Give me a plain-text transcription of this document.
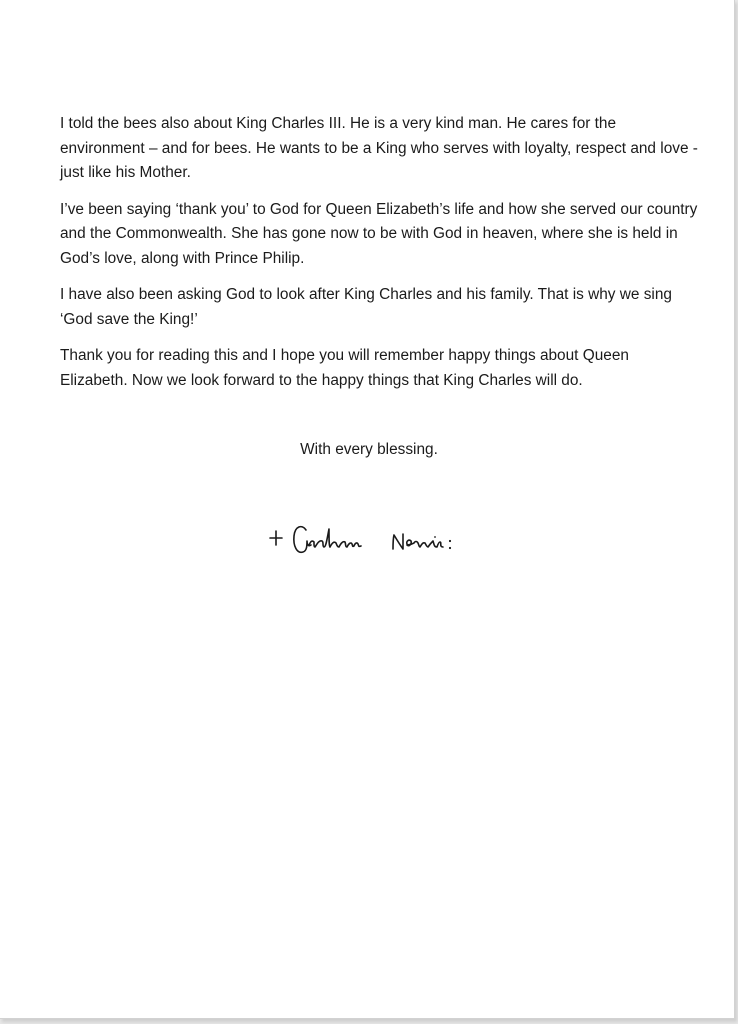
I told the bees also about King Charles III. He is a very kind man. He cares for the environment – and for bees. He wants to be a King who serves with loyalty, respect and love - just like his Mother.

I’ve been saying ‘thank you’ to God for Queen Elizabeth’s life and how she served our country and the Commonwealth. She has gone now to be with God in heaven, where she is held in God’s love, along with Prince Philip.

I have also been asking God to look after King Charles and his family. That is why we sing ‘God save the King!’

Thank you for reading this and I hope you will remember happy things about Queen Elizabeth. Now we look forward to the happy things that King Charles will do.

With every blessing.
